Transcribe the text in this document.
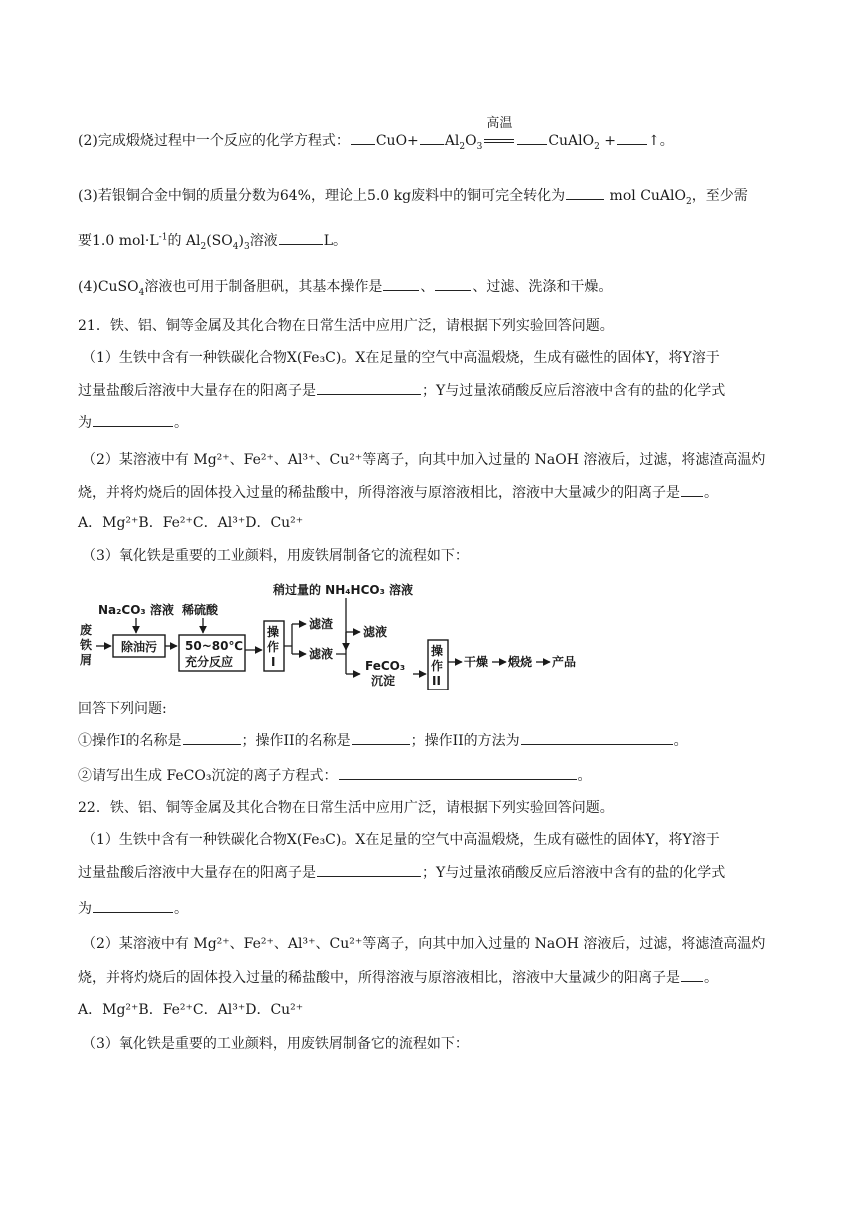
(2)完成煅烧过程中一个反应的化学方程式： $CuO+ Al_2O_3$
高温
CuAlO$_2$ + ↑。
(3)若银铜合金中铜的质量分数为64%，理论上5.0 kg废料中的铜可完全转化为	mol CuAlO$_2$，至少需
要1.0 $mol\cdot L^{-1}$的 $Al_2(SO_4)_3$溶液	L。
(4)CuSO$_4$溶液也可用于制备胆矾，其基本操作是	、	、过滤、洗涤和干燥。
21．铁、铝、铜等金属及其化合物在日常生活中应用广泛，请根据下列实验回答问题。
（1）生铁中含有一种铁碳化合物X(Fe₃C)。X在足量的空气中高温煅烧，生成有磁性的固体Y，将Y溶于
过量盐酸后溶液中大量存在的阳离子是	；Y与过量浓硝酸反应后溶液中含有的盐的化学式
为	。
（2）某溶液中有 Mg²⁺、Fe²⁺、Al³⁺、Cu²⁺等离子，向其中加入过量的 NaOH 溶液后，过滤，将滤渣高温灼
烧，并将灼烧后的固体投入过量的稀盐酸中，所得溶液与原溶液相比，溶液中大量减少的阳离子是 。
A．Mg²⁺B．Fe²⁺C．Al³⁺D．Cu²⁺
（3）氧化铁是重要的工业颜料，用废铁屑制备它的流程如下：
废
铁
屑
Na₂CO₃ 溶液 稀硫酸
除油污 50~80℃
充分反应
操
作
I
滤渣
滤液
稍过量的 NH₄HCO₃ 溶液
滤液
FeCO₃
沉淀
操
作
II
干燥 煅烧 产品
回答下列问题:
①操作I的名称是	；操作II的名称是	；操作II的方法为	。
②请写出生成 FeCO₃沉淀的离子方程式：	。
22．铁、铝、铜等金属及其化合物在日常生活中应用广泛，请根据下列实验回答问题。
（1）生铁中含有一种铁碳化合物X(Fe₃C)。X在足量的空气中高温煅烧，生成有磁性的固体Y，将Y溶于
过量盐酸后溶液中大量存在的阳离子是	；Y与过量浓硝酸反应后溶液中含有的盐的化学式
为	。
（2）某溶液中有 Mg²⁺、Fe²⁺、Al³⁺、Cu²⁺等离子，向其中加入过量的 NaOH 溶液后，过滤，将滤渣高温灼
烧，并将灼烧后的固体投入过量的稀盐酸中，所得溶液与原溶液相比，溶液中大量减少的阳离子是 。
A．Mg²⁺B．Fe²⁺C．Al³⁺D．Cu²⁺
（3）氧化铁是重要的工业颜料，用废铁屑制备它的流程如下：
